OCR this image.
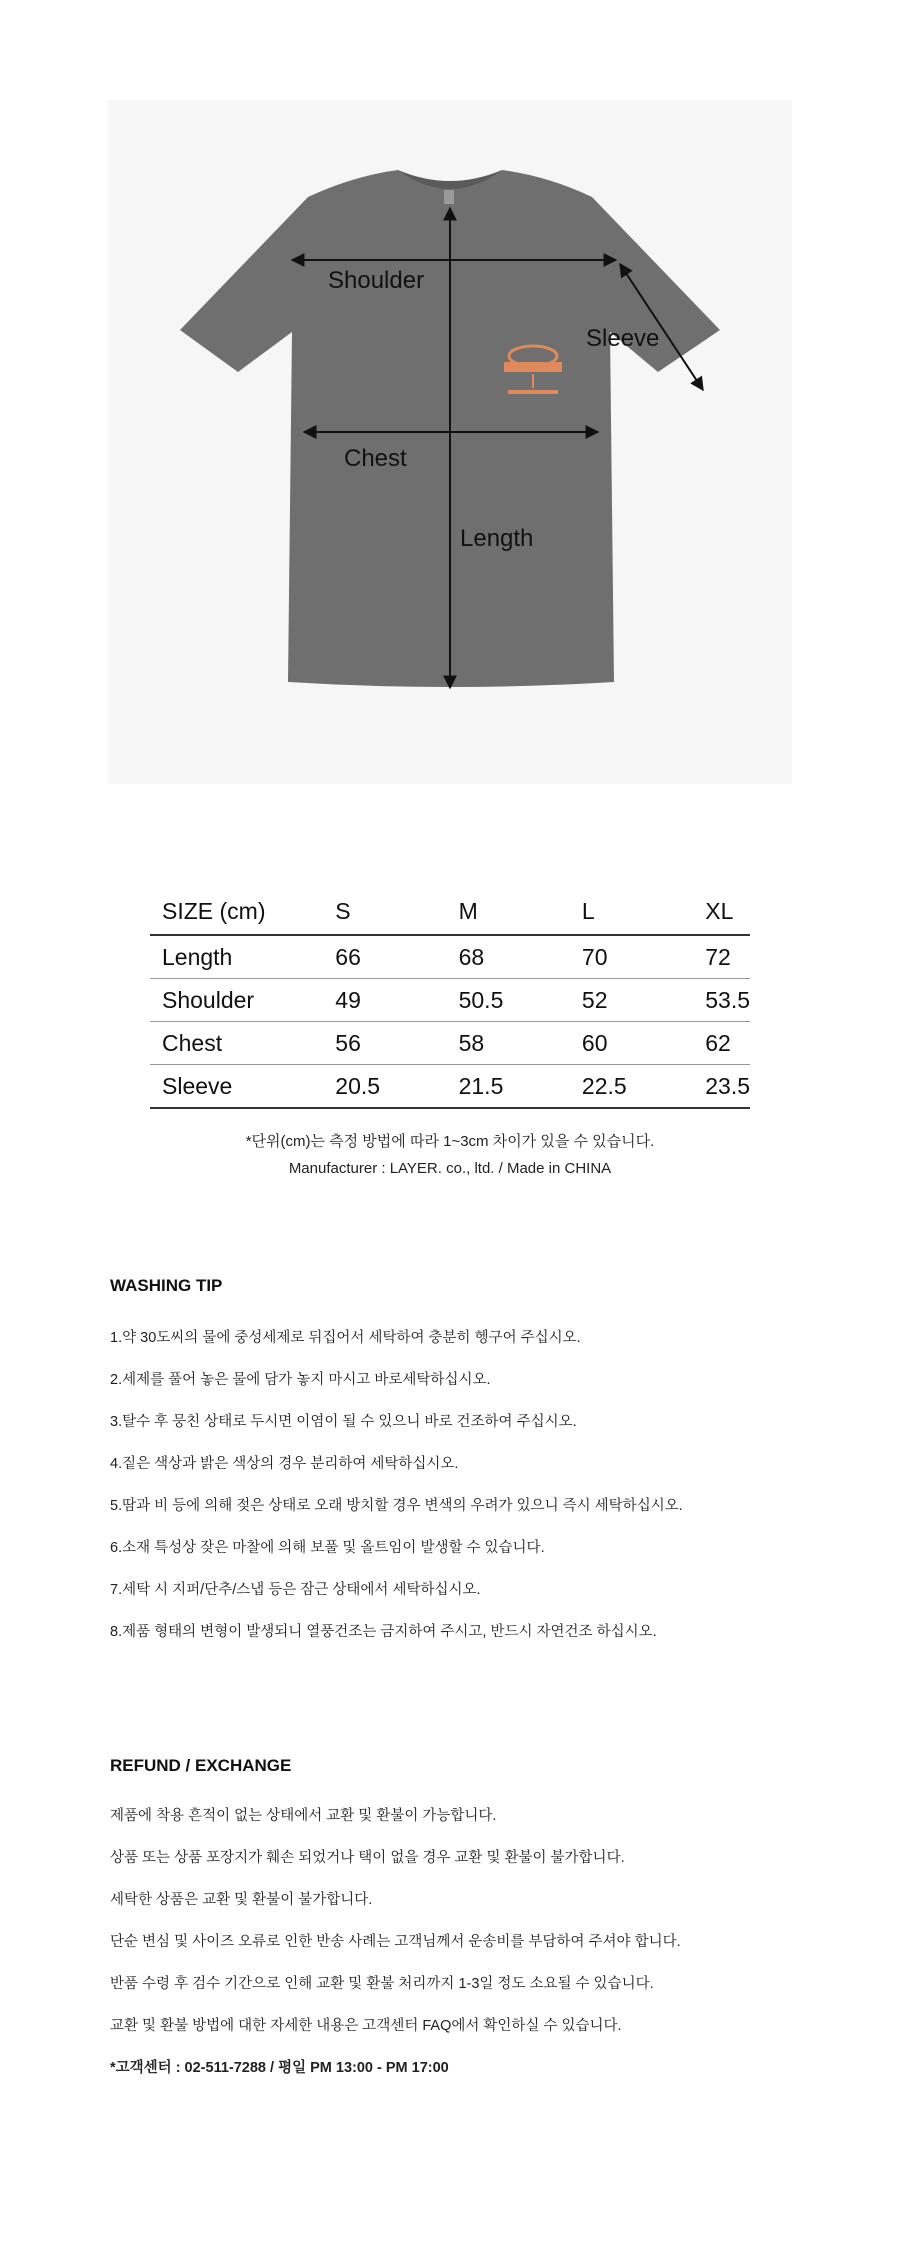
Shoulder
Sleeve
Chest
Length
SIZE (cm)	S	M	L	XL
Length	66	68	70	72
Shoulder	49	50.5	52	53.5
Chest	56	58	60	62
Sleeve	20.5	21.5	22.5	23.5
*단위(cm)는 측정 방법에 따라 1~3cm 차이가 있을 수 있습니다.
Manufacturer : LAYER. co., ltd. / Made in CHINA
WASHING TIP
1.약 30도씨의 물에 중성세제로 뒤집어서 세탁하여 충분히 헹구어 주십시오.
2.세제를 풀어 놓은 물에 담가 놓지 마시고 바로세탁하십시오.
3.탈수 후 뭉친 상태로 두시면 이염이 될 수 있으니 바로 건조하여 주십시오.
4.짙은 색상과 밝은 색상의 경우 분리하여 세탁하십시오.
5.땀과 비 등에 의해 젖은 상태로 오래 방치할 경우 변색의 우려가 있으니 즉시 세탁하십시오.
6.소재 특성상 잦은 마찰에 의해 보풀 및 올트임이 발생할 수 있습니다.
7.세탁 시 지퍼/단추/스냅 등은 잠근 상태에서 세탁하십시오.
8.제품 형태의 변형이 발생되니 열풍건조는 금지하여 주시고, 반드시 자연건조 하십시오.
REFUND / EXCHANGE
제품에 착용 흔적이 없는 상태에서 교환 및 환불이 가능합니다.
상품 또는 상품 포장지가 훼손 되었거나 택이 없을 경우 교환 및 환불이 불가합니다.
세탁한 상품은 교환 및 환불이 불가합니다.
단순 변심 및 사이즈 오류로 인한 반송 사례는 고객님께서 운송비를 부담하여 주셔야 합니다.
반품 수령 후 검수 기간으로 인해 교환 및 환불 처리까지 1-3일 정도 소요될 수 있습니다.
교환 및 환불 방법에 대한 자세한 내용은 고객센터 FAQ에서 확인하실 수 있습니다.
*고객센터 : 02-511-7288 / 평일 PM 13:00 - PM 17:00
